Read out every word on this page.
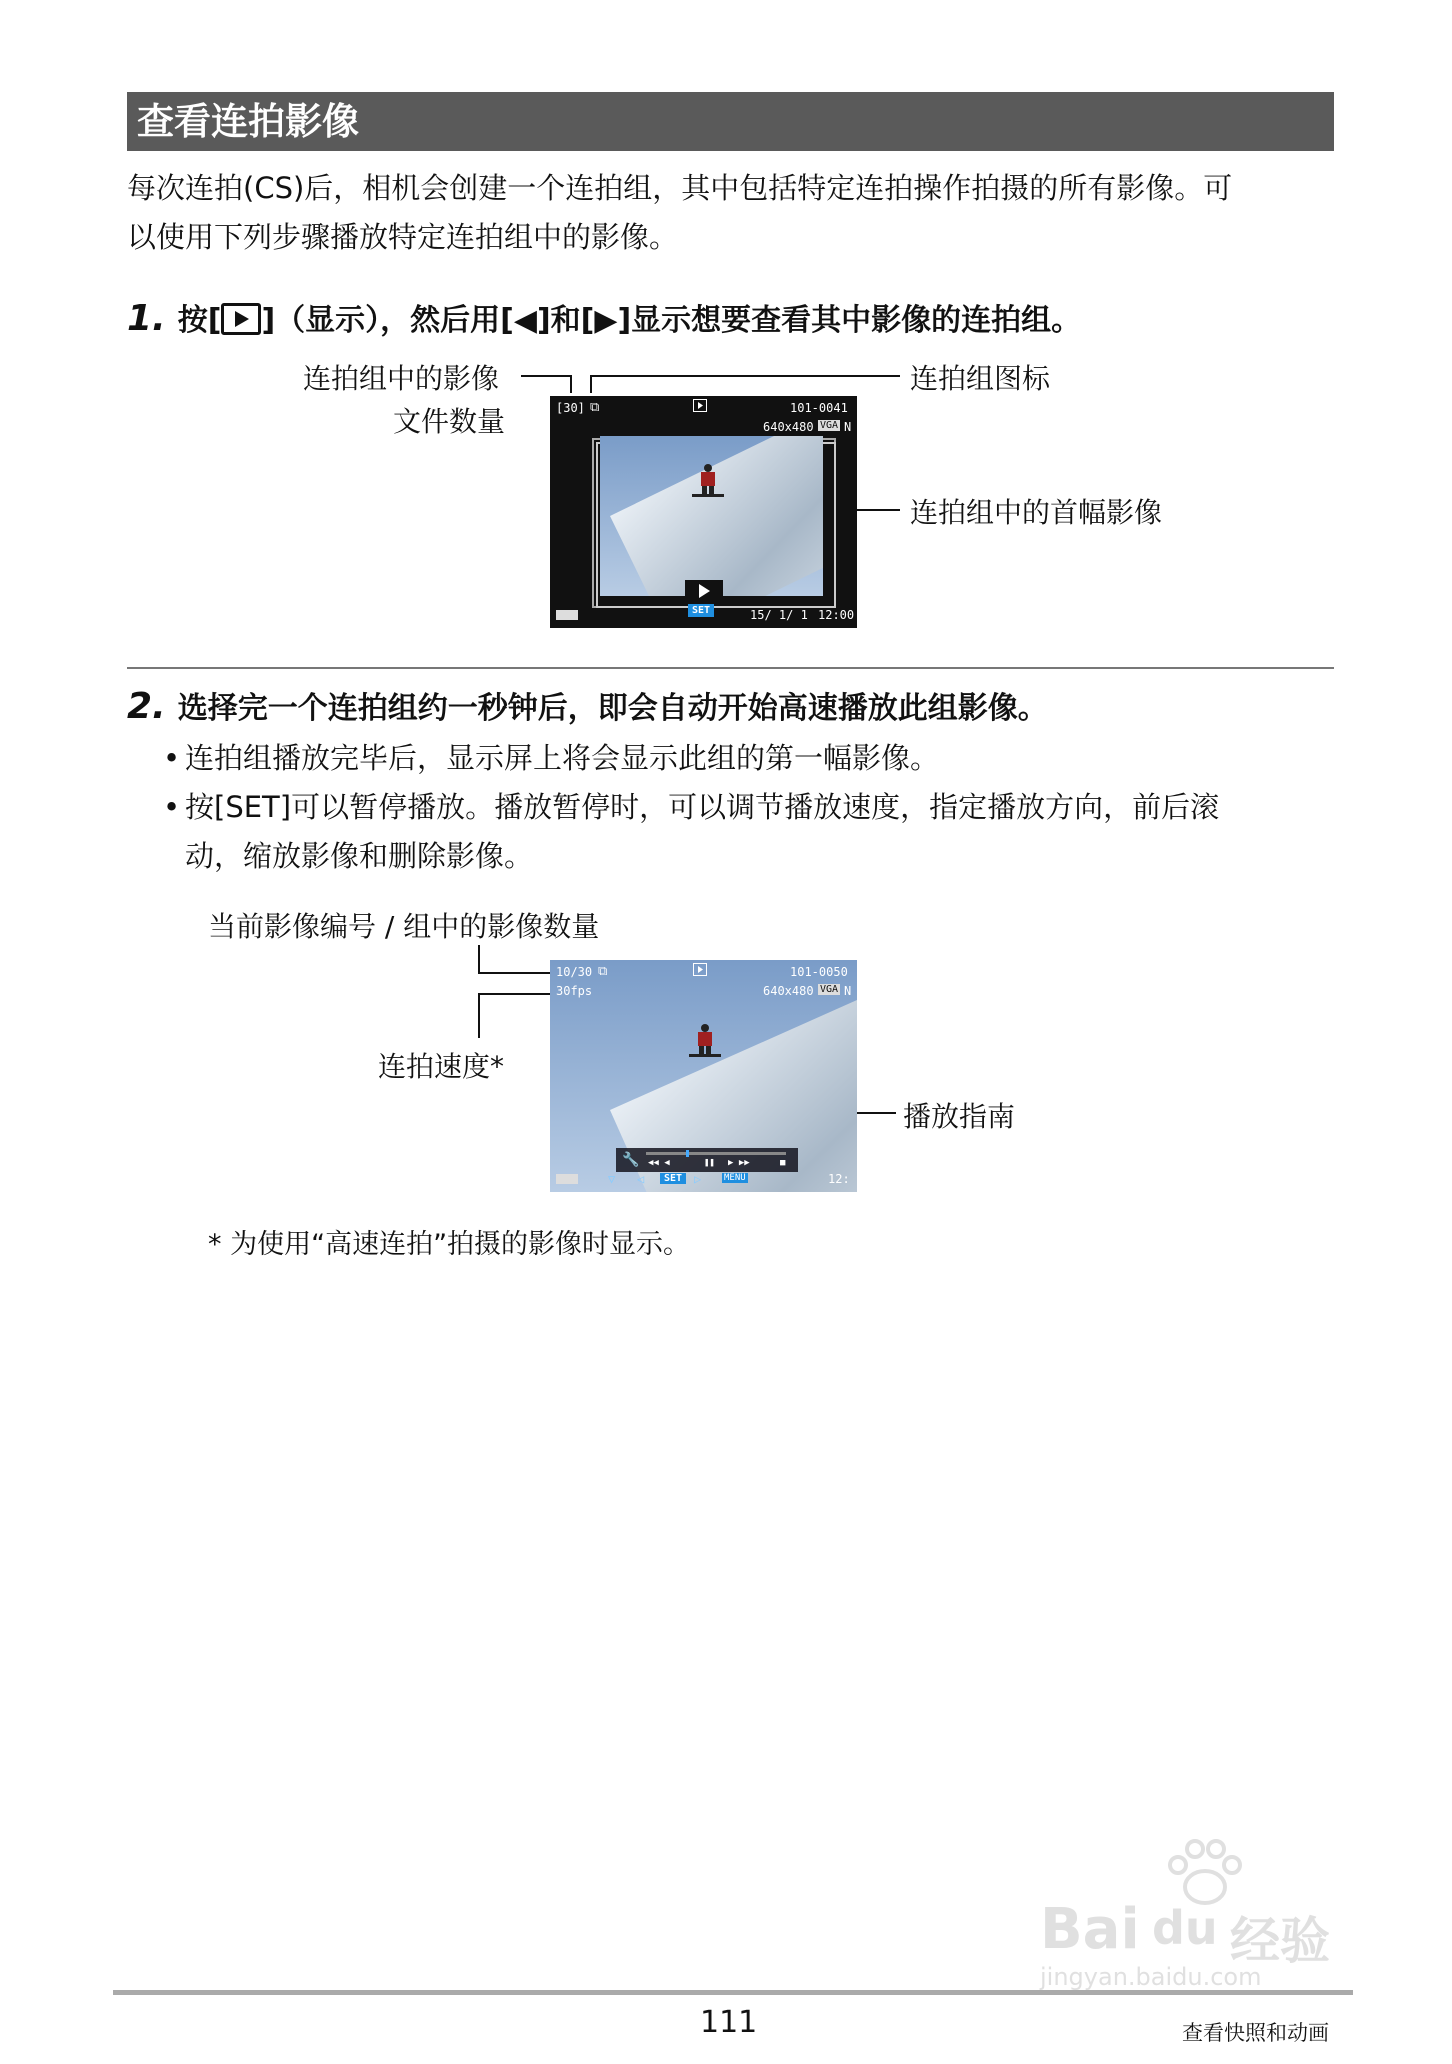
查看连拍影像
每次连拍(CS)后，相机会创建一个连拍组，其中包括特定连拍操作拍摄的所有影像。可
以使用下列步骤播放特定连拍组中的影像。
1. 按[ ]（显示），然后用[◀]和[▶]显示想要查看其中影像的连拍组。
连拍组中的影像
文件数量
连拍组图标
连拍组中的首幅影像
[30] ⧉	101-0041
640x480 VGA N
SET	15/ 1/ 1 12:00
2. 选择完一个连拍组约一秒钟后，即会自动开始高速播放此组影像。
• 连拍组播放完毕后，显示屏上将会显示此组的第一幅影像。
• 按[SET]可以暂停播放。播放暂停时，可以调节播放速度，指定播放方向，前后滚
动，缩放影像和删除影像。
当前影像编号 / 组中的影像数量
连拍速度*
播放指南
10/30 ⧉
30fps
101-0050
640x480 VGA N
🔧 ◀◀ ◀	❚❚ ▶ ▶▶	■
▽ ◁	SET ▷	MENU	12:
* 为使用“高速连拍”拍摄的影像时显示。
111	查看快照和动画
Bai du 经验
jingyan.baidu.com
